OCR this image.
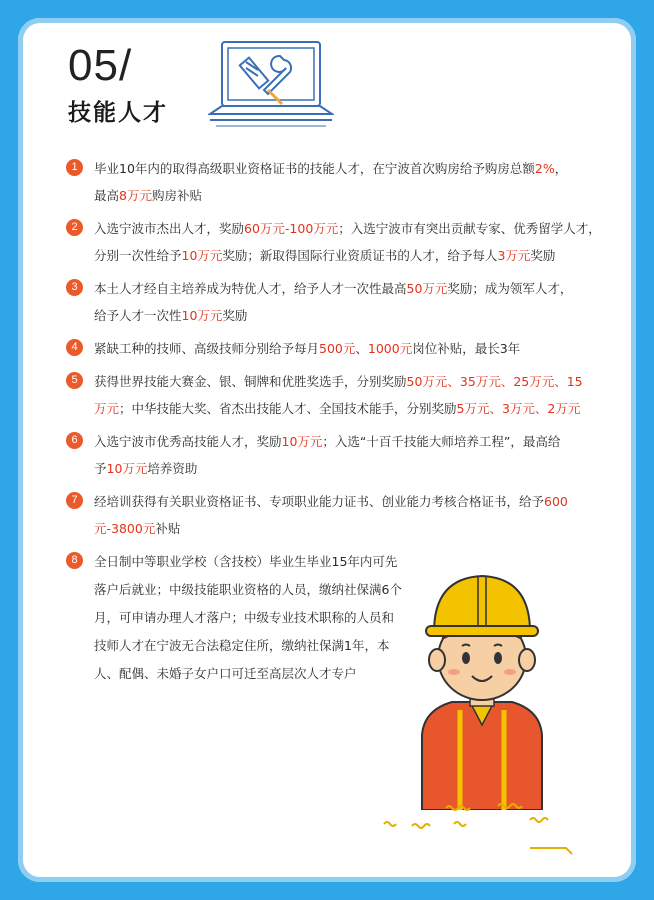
05/
技能人才
1	毕业10年内的取得高级职业资格证书的技能人才，在宁波首次购房给予购房总额2%，
最高8万元购房补贴
2	入选宁波市杰出人才，奖励60万元-100万元；入选宁波市有突出贡献专家、优秀留学人才，
分别一次性给予10万元奖励；新取得国际行业资质证书的人才，给予每人3万元奖励
3	本土人才经自主培养成为特优人才，给予人才一次性最高50万元奖励；成为领军人才，
给予人才一次性10万元奖励
4	紧缺工种的技师、高级技师分别给予每月500元、1000元岗位补贴，最长3年
5	获得世界技能大赛金、银、铜牌和优胜奖选手，分别奖励50万元、35万元、25万元、15
万元；中华技能大奖、省杰出技能人才、全国技术能手，分别奖励5万元、3万元、2万元
6	入选宁波市优秀高技能人才，奖励10万元；入选“十百千技能大师培养工程”，最高给
予10万元培养资助
7	经培训获得有关职业资格证书、专项职业能力证书、创业能力考核合格证书，给予600
元-3800元补贴
8	全日制中等职业学校（含技校）毕业生毕业15年内可先
落户后就业；中级技能职业资格的人员，缴纳社保满6个
月，可申请办理人才落户；中级专业技术职称的人员和
技师人才在宁波无合法稳定住所，缴纳社保满1年，本
人、配偶、未婚子女户口可迁至高层次人才专户
